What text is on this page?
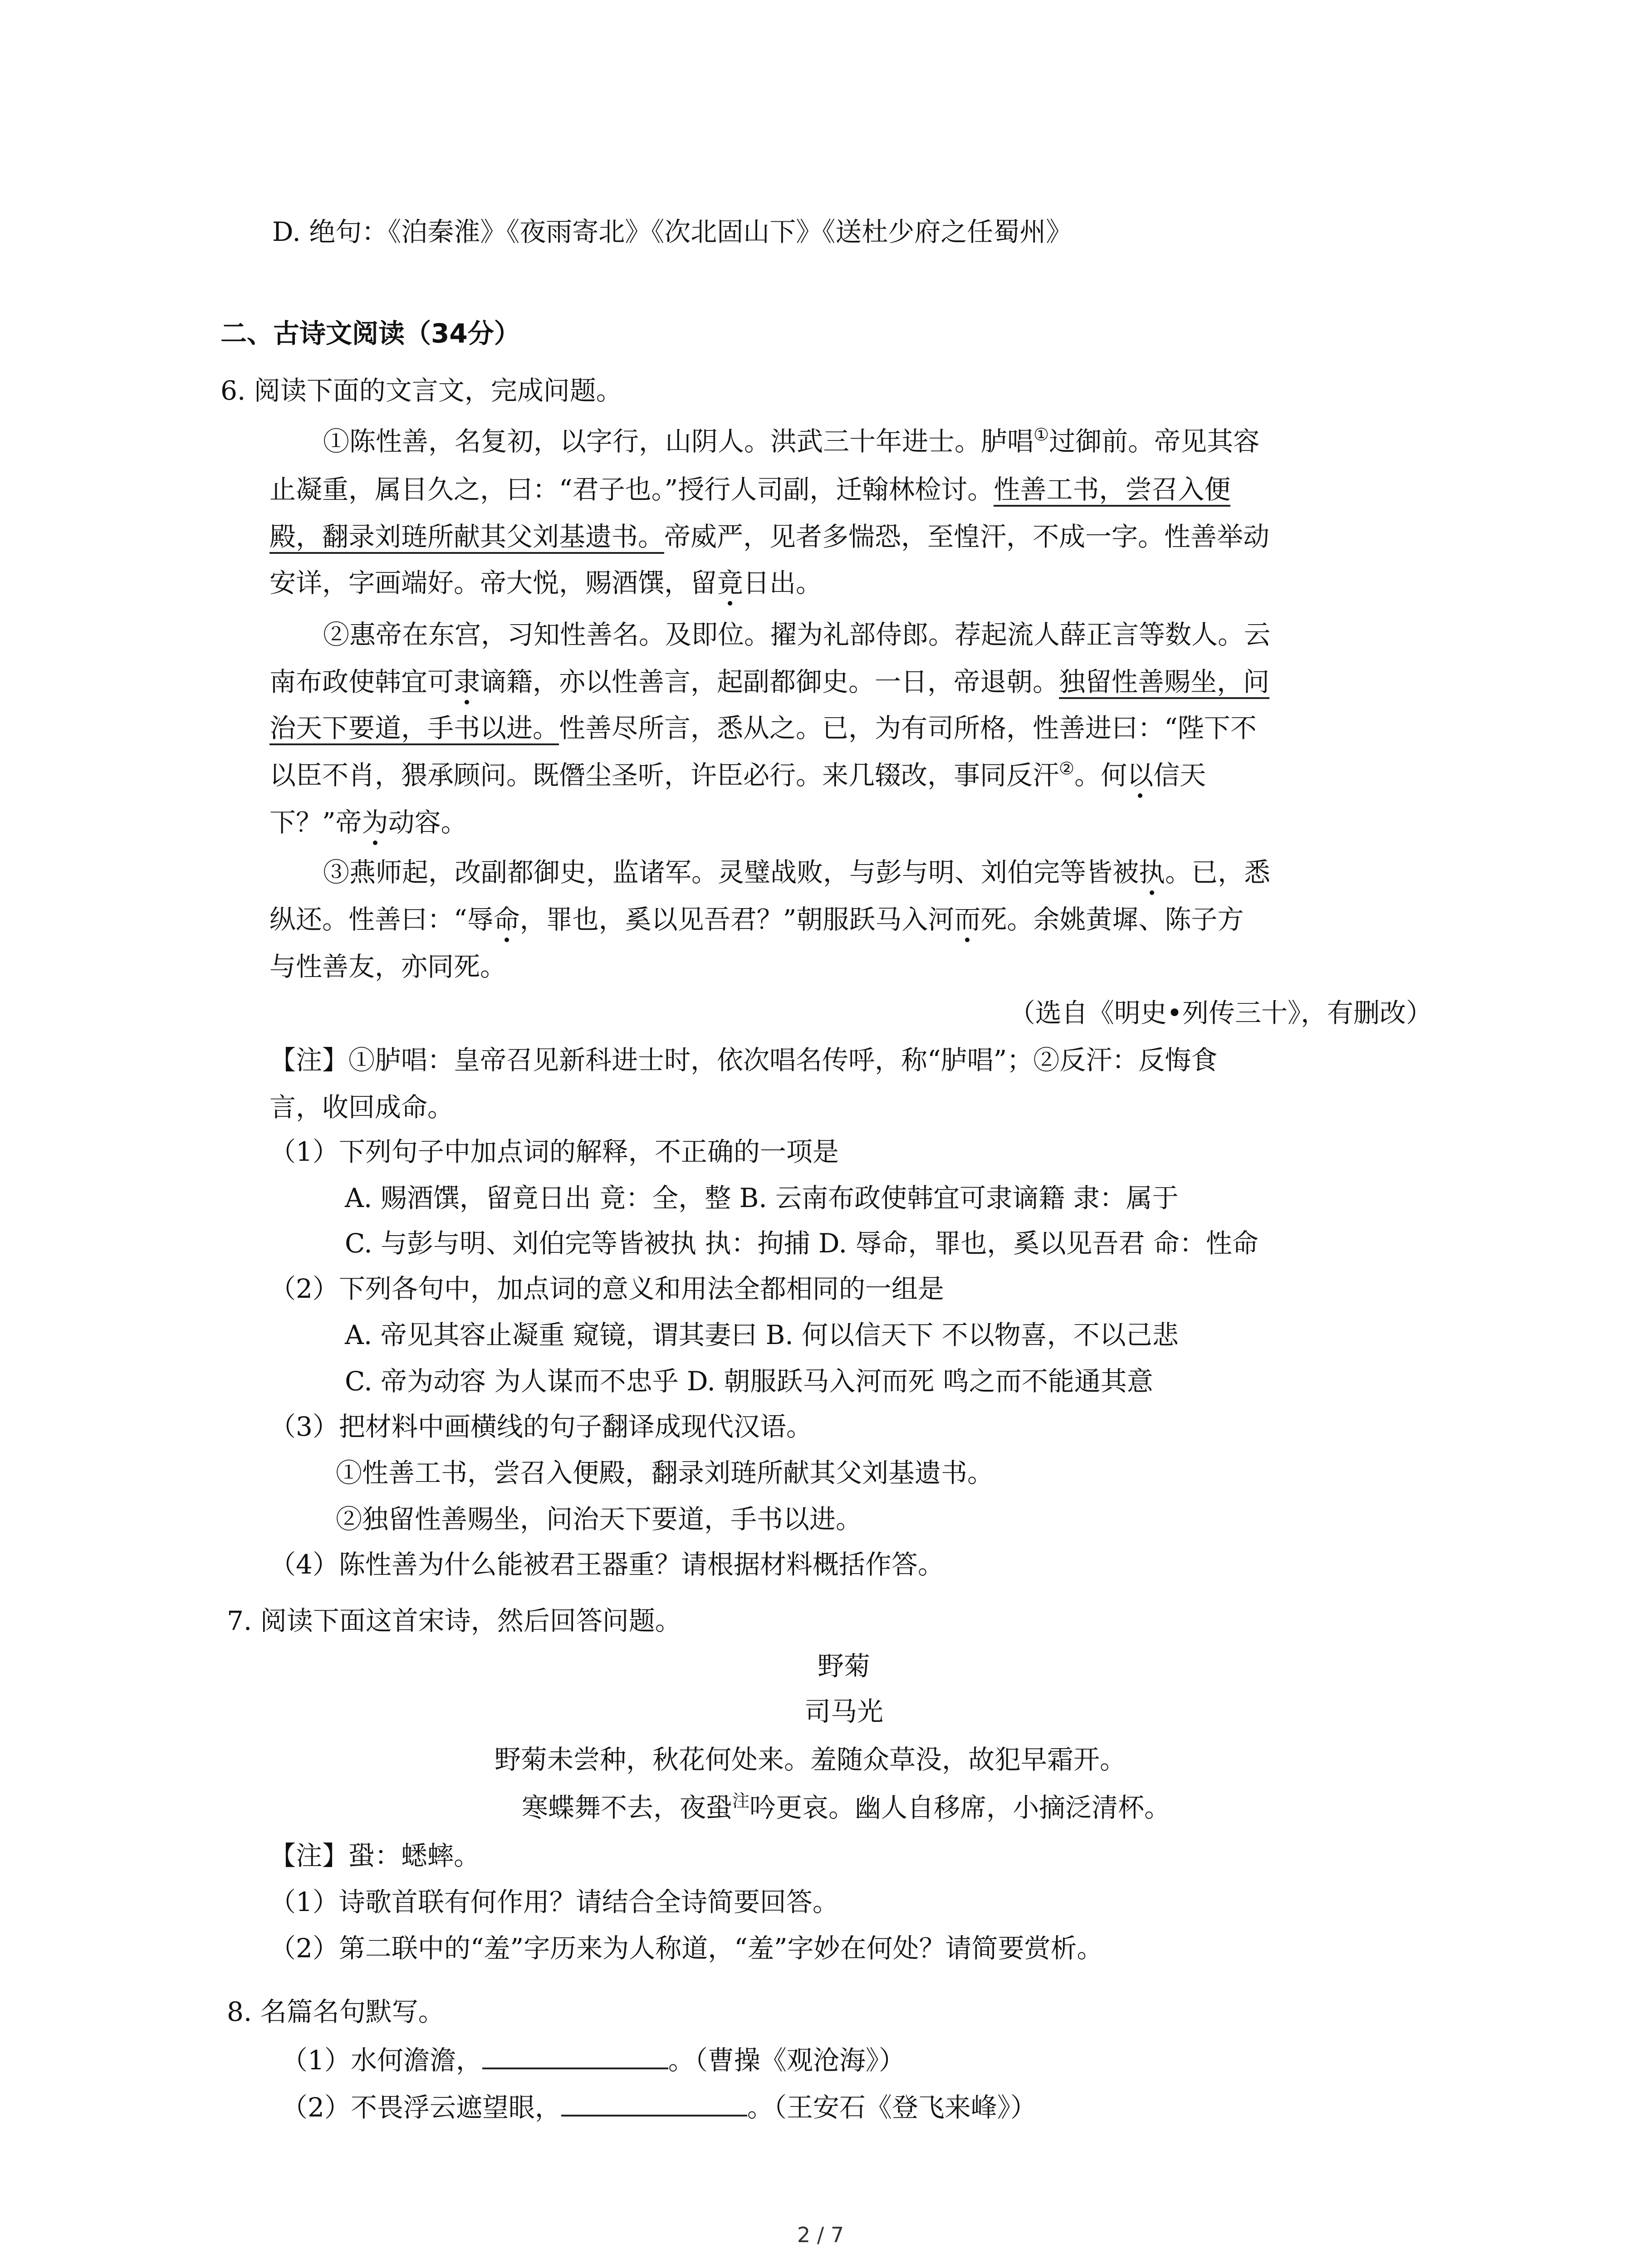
D. 绝句：《泊秦淮》《夜雨寄北》《次北固山下》《送杜少府之任蜀州》
二、古诗文阅读（34分）
6. 阅读下面的文言文，完成问题。
①陈性善，名复初，以字行，山阴人。洪武三十年进士。胪唱①过御前。帝见其容
止凝重，属目久之，曰：“君子也。”授行人司副，迁翰林检讨。性善工书，尝召入便
殿，翻录刘琏所献其父刘基遗书。帝威严，见者多惴恐，至惶汗，不成一字。性善举动
安详，字画端好。帝大悦，赐酒馔，留竟日出。
②惠帝在东宫，习知性善名。及即位。擢为礼部侍郎。荐起流人薛正言等数人。云
南布政使韩宜可隶谪籍，亦以性善言，起副都御史。一日，帝退朝。独留性善赐坐，问
治天下要道，手书以进。性善尽所言，悉从之。已，为有司所格，性善进曰：“陛下不
以臣不肖，猥承顾问。既僭尘圣听，许臣必行。来几辍改，事同反汗②。何以信天
下？”帝为动容。
③燕师起，改副都御史，监诸军。灵璧战败，与彭与明、刘伯完等皆被执。已，悉
纵还。性善曰：“辱命，罪也，奚以见吾君？”朝服跃马入河而死。余姚黄墀、陈子方
与性善友，亦同死。
（选自《明史•列传三十》，有删改）
【注】①胪唱：皇帝召见新科进士时，依次唱名传呼，称“胪唱”；②反汗：反悔食
言，收回成命。
（1）下列句子中加点词的解释，不正确的一项是
A. 赐酒馔，留竟日出 竟：全，整 B. 云南布政使韩宜可隶谪籍 隶：属于
C. 与彭与明、刘伯完等皆被执 执：拘捕 D. 辱命，罪也，奚以见吾君 命：性命
（2）下列各句中，加点词的意义和用法全都相同的一组是
A. 帝见其容止凝重 窥镜，谓其妻曰 B. 何以信天下 不以物喜，不以己悲
C. 帝为动容 为人谋而不忠乎 D. 朝服跃马入河而死 鸣之而不能通其意
（3）把材料中画横线的句子翻译成现代汉语。
①性善工书，尝召入便殿，翻录刘琏所献其父刘基遗书。
②独留性善赐坐，问治天下要道，手书以进。
（4）陈性善为什么能被君王器重？请根据材料概括作答。
7. 阅读下面这首宋诗，然后回答问题。
野菊
司马光
野菊未尝种，秋花何处来。羞随众草没，故犯早霜开。
寒蝶舞不去，夜蛩$^注$吟更哀。幽人自移席，小摘泛清杯。
【注】蛩：蟋蟀。
（1）诗歌首联有何作用？请结合全诗简要回答。
（2）第二联中的“羞”字历来为人称道，“羞”字妙在何处？请简要赏析。
8. 名篇名句默写。
（1）水何澹澹，	。（曹操《观沧海》）
（2）不畏浮云遮望眼，	。（王安石《登飞来峰》）
2 / 7
